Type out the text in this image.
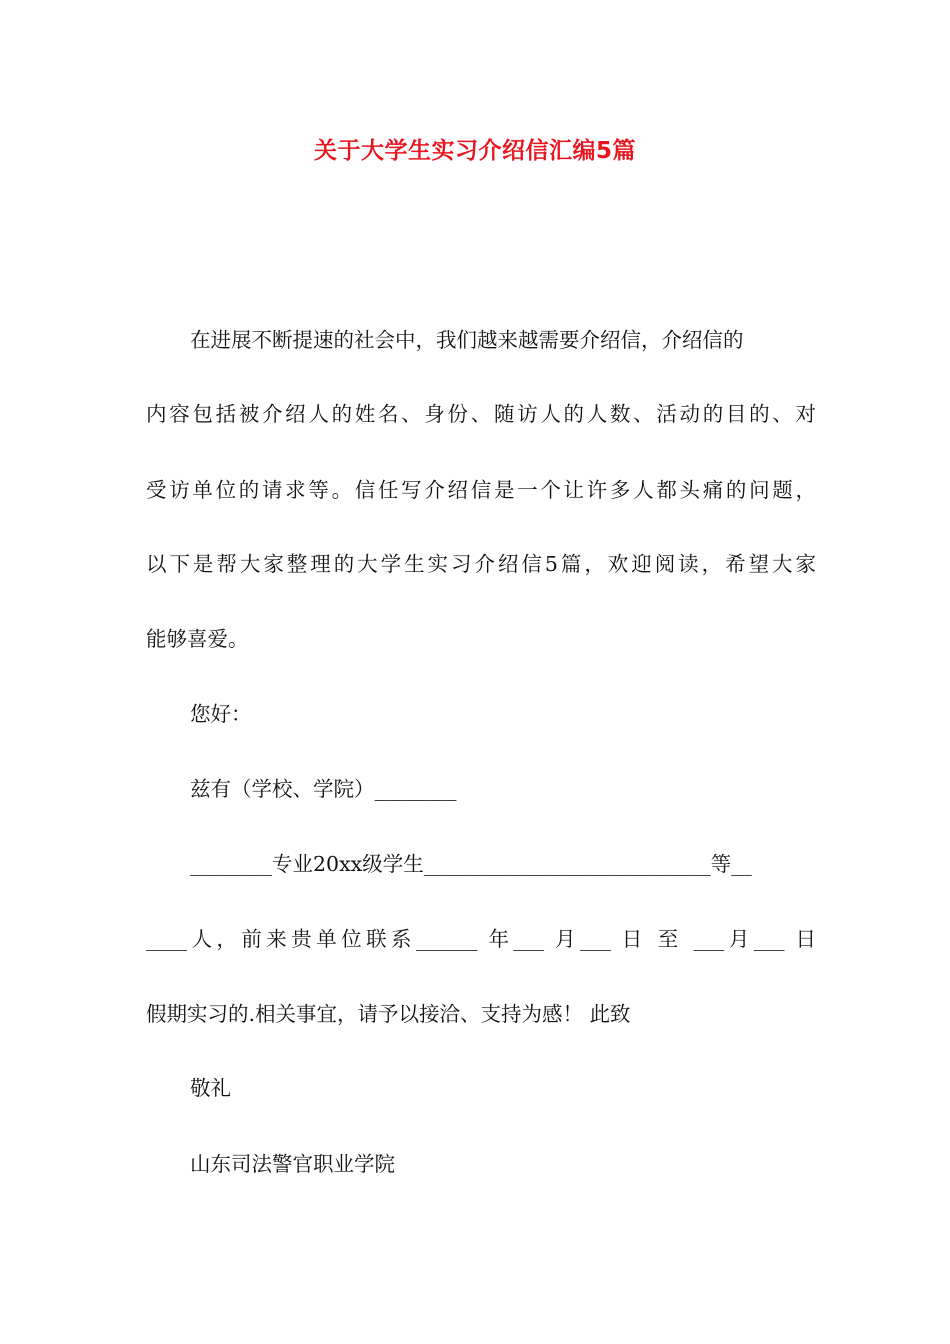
关于大学生实习介绍信汇编5篇
在进展不断提速的社会中，我们越来越需要介绍信，介绍信的
内容包括被介绍人的姓名、身份、随访人的人数、活动的目的、对
受访单位的请求等。信任写介绍信是一个让许多人都头痛的问题，
以下是帮大家整理的大学生实习介绍信5篇，欢迎阅读，希望大家
能够喜爱。
您好：
兹有（学校、学院）________
________专业20xx级学生____________________________等__
____人，前来贵单位联系______ 年___ 月___ 日 至 ___月___ 日
假期实习的.相关事宜，请予以接洽、支持为感！ 此致
敬礼
山东司法警官职业学院
